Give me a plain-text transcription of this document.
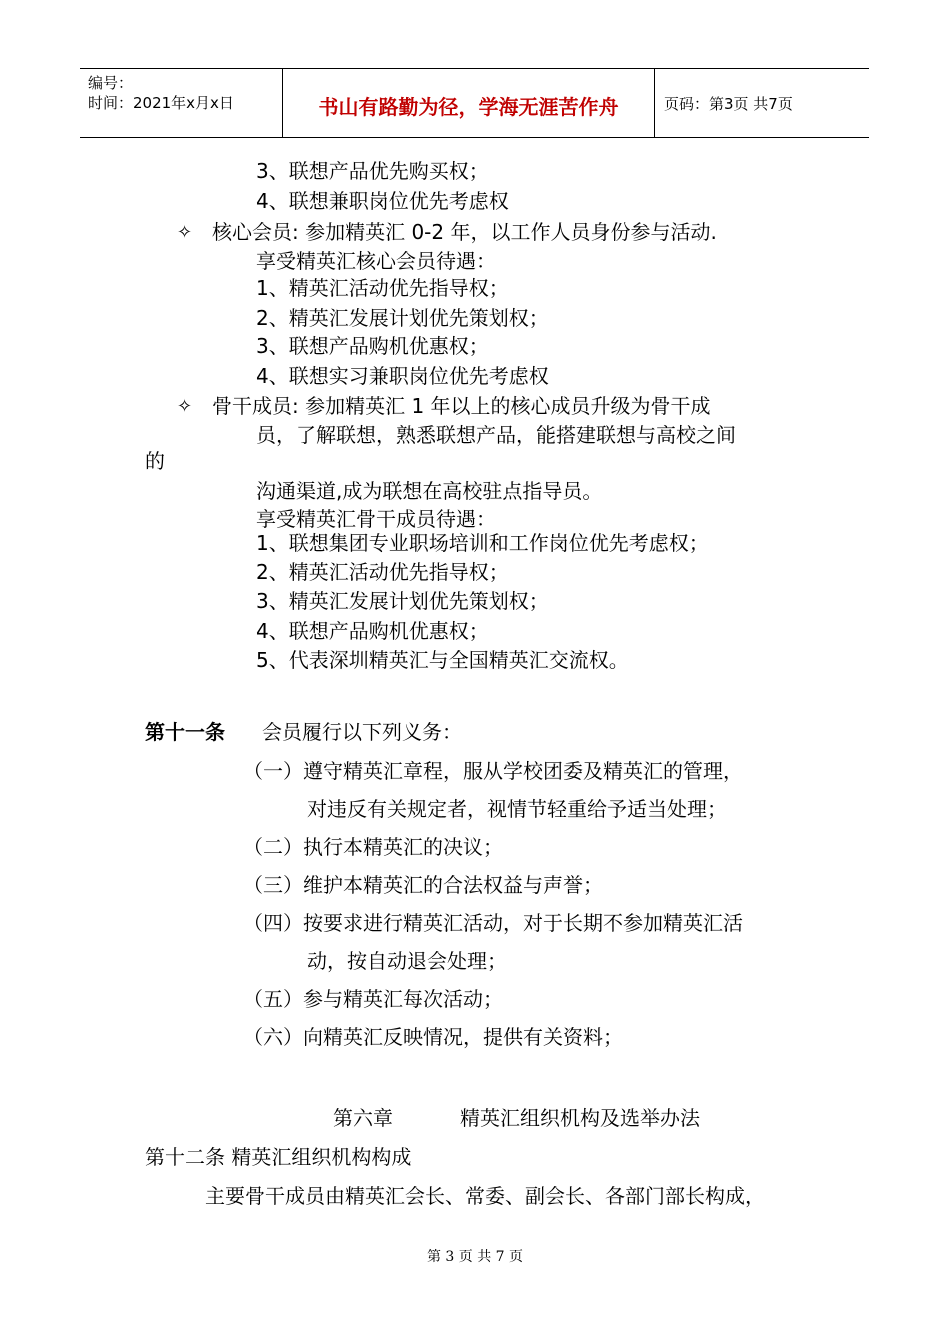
编号：
时间：2021年x月x日	书山有路勤为径，学海无涯苦作舟	页码：第3页 共7页
3、联想产品优先购买权；
4、联想兼职岗位优先考虑权
✧ 核心会员: 参加精英汇 0-2 年，以工作人员身份参与活动.
享受精英汇核心会员待遇：
1、精英汇活动优先指导权；
2、精英汇发展计划优先策划权；
3、联想产品购机优惠权；
4、联想实习兼职岗位优先考虑权
✧ 骨干成员: 参加精英汇 1 年以上的核心成员升级为骨干成
员，了解联想，熟悉联想产品，能搭建联想与高校之间
的
沟通渠道,成为联想在高校驻点指导员。
享受精英汇骨干成员待遇：
1、联想集团专业职场培训和工作岗位优先考虑权；
2、精英汇活动优先指导权；
3、精英汇发展计划优先策划权；
4、联想产品购机优惠权；
5、代表深圳精英汇与全国精英汇交流权。
第十一条 会员履行以下列义务：
（一）遵守精英汇章程，服从学校团委及精英汇的管理，
对违反有关规定者，视情节轻重给予适当处理；
（二）执行本精英汇的决议；
（三）维护本精英汇的合法权益与声誉；
（四）按要求进行精英汇活动，对于长期不参加精英汇活
动，按自动退会处理；
（五）参与精英汇每次活动；
（六）向精英汇反映情况，提供有关资料；
第六章	精英汇组织机构及选举办法
第十二条 精英汇组织机构构成
主要骨干成员由精英汇会长、常委、副会长、各部门部长构成，
第 3 页 共 7 页
